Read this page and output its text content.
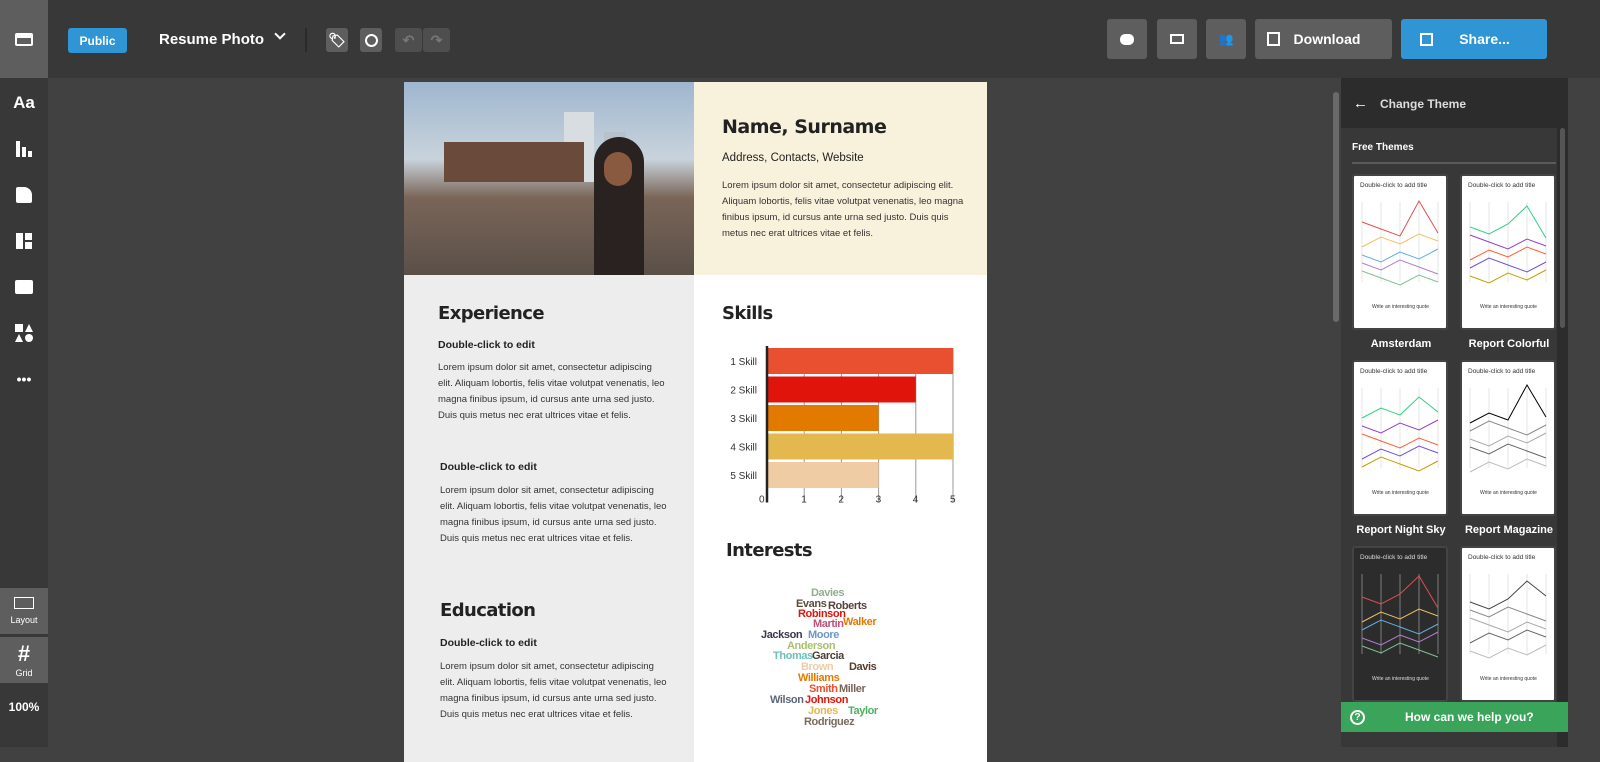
Aa
•••
Layout
#
Grid
100%
Public	Resume Photo	🏷	↶ ↷	👥	Download	Share...
Name, Surname
Address, Contacts, Website
Lorem ipsum dolor sit amet, consectetur adipiscing elit. Aliquam lobortis, felis vitae volutpat venenatis, leo magna finibus ipsum, id cursus ante urna sed justo. Duis quis metus nec erat ultrices vitae et felis.
Experience
Double-click to edit
Lorem ipsum dolor sit amet, consectetur adipiscing elit. Aliquam lobortis, felis vitae volutpat venenatis, leo magna finibus ipsum, id cursus ante urna sed justo. Duis quis metus nec erat ultrices vitae et felis.
Double-click to edit
Lorem ipsum dolor sit amet, consectetur adipiscing elit. Aliquam lobortis, felis vitae volutpat venenatis, leo magna finibus ipsum, id cursus ante urna sed justo. Duis quis metus nec erat ultrices vitae et felis.
Education
Double-click to edit
Lorem ipsum dolor sit amet, consectetur adipiscing elit. Aliquam lobortis, felis vitae volutpat venenatis, leo magna finibus ipsum, id cursus ante urna sed justo. Duis quis metus nec erat ultrices vitae et felis.
Skills
0	1	2	3	4	5
1 Skill
2 Skill
3 Skill
4 Skill
5 Skill
Interests
Davies
Evans Roberts
Robinson
Walker
Martin
Jackson Moore
Anderson
Thomas Garcia
Brown Davis
Williams
Smith Miller
Wilson Johnson
Jones Taylor
Rodriguez
← Change Theme
Free Themes
Double-click to add title
Write an interesting quote
Amsterdam
Double-click to add title
Write an interesting quote
Report Colorful
Double-click to add title
Write an interesting quote
Report Night Sky
Double-click to add title
Write an interesting quote
Report Magazine
Double-click to add title
Write an interesting quote
Double-click to add title
Write an interesting quote
?	How can we help you?
